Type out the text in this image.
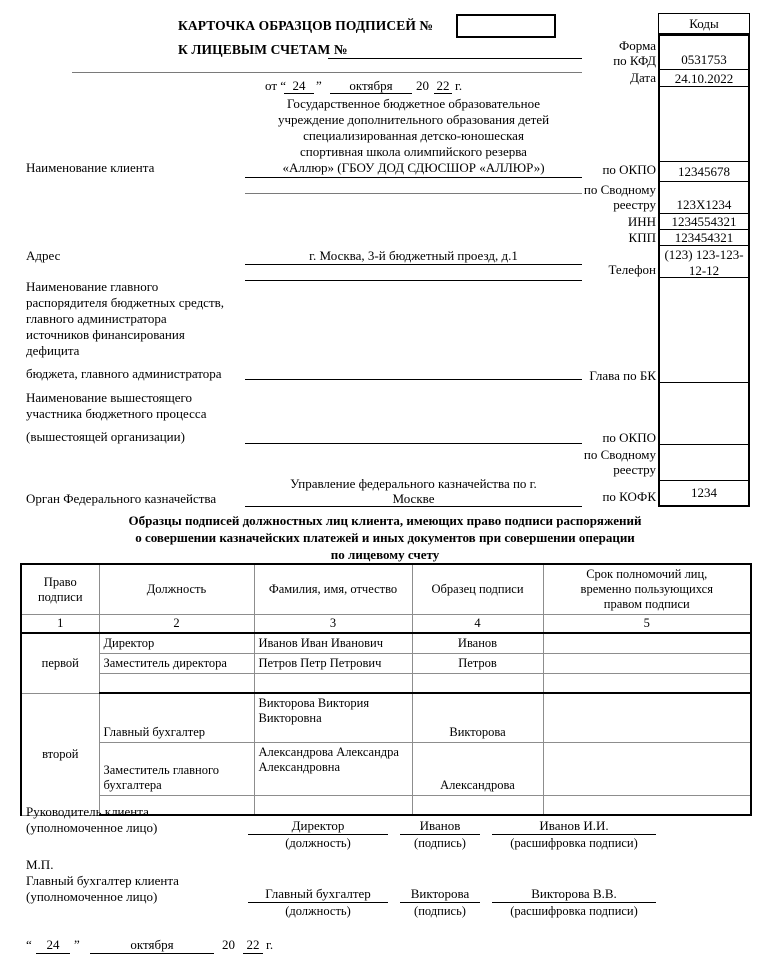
КАРТОЧКА ОБРАЗЦОВ ПОДПИСЕЙ №
К ЛИЦЕВЫМ СЧЕТАМ №
от “ 24 ”	октября	20 22 г.
Наименование клиента
Государственное бюджетное образовательное
учреждение дополнительного образования детей
специализированная детско-юношеская
спортивная школа олимпийского резерва
«Аллюр» (ГБОУ ДОД СДЮСШОР «АЛЛЮР»)
Адрес	г. Москва, 3-й бюджетный проезд, д.1
Наименование главного
распорядителя бюджетных средств,
главного администратора
источников финансирования
дефицита
бюджета, главного администратора
Наименование вышестоящего
участника бюджетного процесса
(вышестоящей организации)
Орган Федерального казначейства
Управление федерального казначейства по г.
Москве
Коды
Форма
по КФД	0531753
Дата	24.10.2022
по ОКПО	12345678
по Сводному
реестру	123Х1234
ИНН	1234554321
КПП	123454321
Телефон
(123) 123-123-12-12
Глава по БК
по ОКПО
по Сводному
реестру
по КОФК	1234
Образцы подписей должностных лиц клиента, имеющих право подписи распоряжений
о совершении казначейских платежей и иных документов при совершении операции
по лицевому счету
Право
подписи
	Должность	Фамилия, имя, отчество	Образец подписи	
Срок полномочий лиц,
временно пользующихся
правом подписи

1	2	3	4	5
первой	Директор	Иванов Иван Иванович	Иванов	
	Заместитель директора	Петров Петр Петрович	Петров	

второй	Главный бухгалтер	Викторова Виктория Викторовна	Викторова	
	Заместитель главного бухгалтера	Александрова Александра Александровна	Александрова	

Руководитель клиента
(уполномоченное лицо)	Директор
(должность)
Иванов
(подпись)
Иванов И.И.
(расшифровка подписи)
М.П.
Главный бухгалтер клиента
(уполномоченное лицо)	Главный бухгалтер
(должность)
Викторова
(подпись)
Викторова В.В.
(расшифровка подписи)
“	24	”	октября	20 22 г.
